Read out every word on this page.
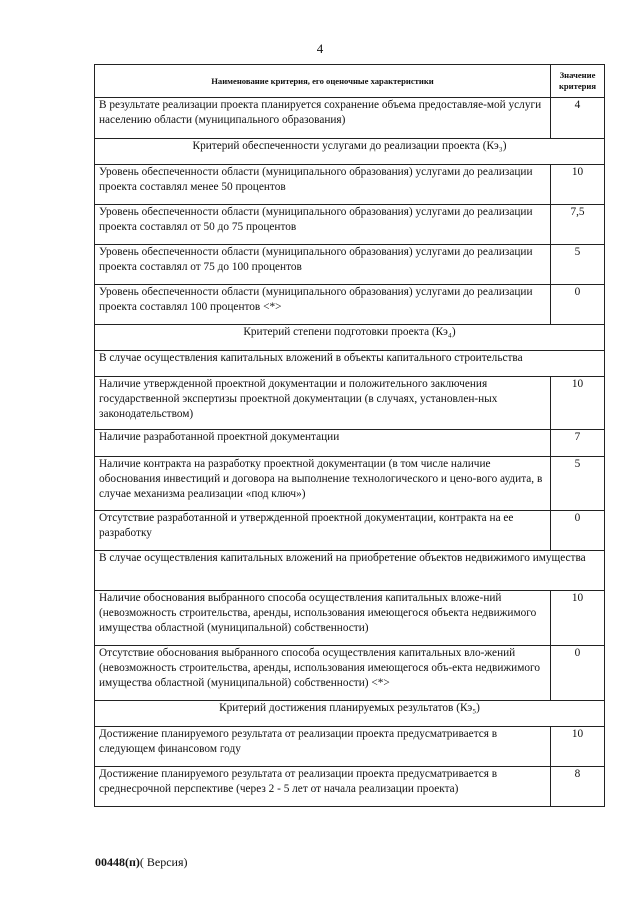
4
Наименование критерия, его оценочные характеристики	Значение критерия
В результате реализации проекта планируется сохранение объема предоставляе-мой услуги населению области (муниципального образования)	4
Критерий обеспеченности услугами до реализации проекта (Кэ₃)	
Уровень обеспеченности области (муниципального образования) услугами до реализации проекта составлял менее 50 процентов	10
Уровень обеспеченности области (муниципального образования) услугами до реализации проекта составлял от 50 до 75 процентов	7,5
Уровень обеспеченности области (муниципального образования) услугами до реализации проекта составлял от 75 до 100 процентов	5
Уровень обеспеченности области (муниципального образования) услугами до реализации проекта составлял 100 процентов <*>	0
Критерий степени подготовки проекта (Кэ₄)	
В случае осуществления капитальных вложений в объекты капитального строительства	
Наличие утвержденной проектной документации и положительного заключения государственной экспертизы проектной документации (в случаях, установлен-ных законодательством)	10
Наличие разработанной проектной документации	7
Наличие контракта на разработку проектной документации (в том числе наличие обоснования инвестиций и договора на выполнение технологического и цено-вого аудита, в случае механизма реализации «под ключ»)	5
Отсутствие разработанной и утвержденной проектной документации, контракта на ее разработку	0
В случае осуществления капитальных вложений на приобретение объектов недвижимого имущества	
Наличие обоснования выбранного способа осуществления капитальных вложе-ний (невозможность строительства, аренды, использования имеющегося объекта недвижимого имущества областной (муниципальной) собственности)	10
Отсутствие обоснования выбранного способа осуществления капитальных вло-жений (невозможность строительства, аренды, использования имеющегося объ-екта недвижимого имущества областной (муниципальной) собственности) <*>	0
Критерий достижения планируемых результатов (Кэ₅)	
Достижение планируемого результата от реализации проекта предусматривается в следующем финансовом году	10
Достижение планируемого результата от реализации проекта предусматривается в среднесрочной перспективе (через 2 - 5 лет от начала реализации проекта)	8
00448(п)( Версия)
